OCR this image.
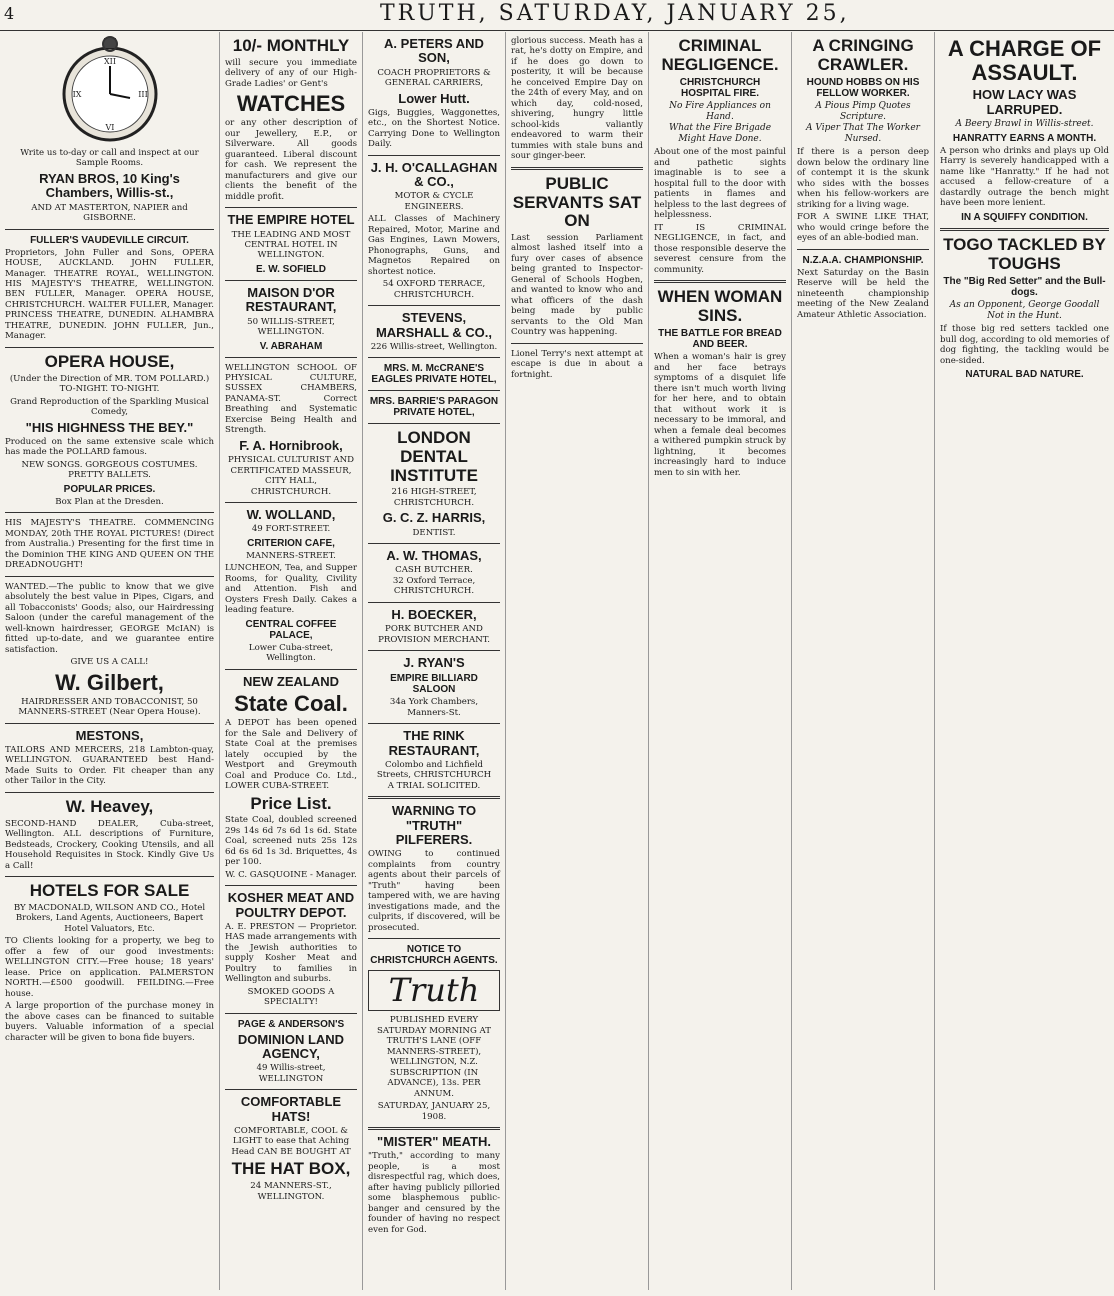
4	TRUTH, SATURDAY, JANUARY 25,
XII
III
VI
IX

Write us to-day or call and inspect at our Sample Rooms.

RYAN BROS, 10 King's Chambers, Willis-st.,
AND AT MASTERTON, NAPIER and GISBORNE.
FULLER'S VAUDEVILLE CIRCUIT.

Proprietors, John Fuller and Sons, OPERA HOUSE, AUCKLAND. JOHN FULLER, Manager. THEATRE ROYAL, WELLINGTON. HIS MAJESTY'S THEATRE, WELLINGTON. BEN FULLER, Manager. OPERA HOUSE, CHRISTCHURCH. WALTER FULLER, Manager. PRINCESS THEATRE, DUNEDIN. ALHAMBRA THEATRE, DUNEDIN. JOHN FULLER, Jun., Manager.

OPERA HOUSE,
(Under the Direction of MR. TOM POLLARD.)
TO-NIGHT. TO-NIGHT.

Grand Reproduction of the Sparkling Musical Comedy,

"HIS HIGHNESS THE BEY."

Produced on the same extensive scale which has made the POLLARD famous.

NEW SONGS. GORGEOUS COSTUMES. PRETTY BALLETS.
POPULAR PRICES.
Box Plan at the Dresden.

HIS MAJESTY'S THEATRE. COMMENCING MONDAY, 20th THE ROYAL PICTURES! (Direct from Australia.) Presenting for the first time in the Dominion THE KING AND QUEEN ON THE DREADNOUGHT!

WANTED.—The public to know that we give absolutely the best value in Pipes, Cigars, and all Tobacconists' Goods; also, our Hairdressing Saloon (under the careful management of the well-known hairdresser, GEORGE McIAN) is fitted up-to-date, and we guarantee entire satisfaction.

GIVE US A CALL!
W. Gilbert,
HAIRDRESSER AND TOBACCONIST, 50 MANNERS-STREET (Near Opera House).
MESTONS,

TAILORS AND MERCERS, 218 Lambton-quay, WELLINGTON. GUARANTEED best Hand-Made Suits to Order. Fit cheaper than any other Tailor in the City.

W. Heavey,

SECOND-HAND DEALER, Cuba-street, Wellington. ALL descriptions of Furniture, Bedsteads, Crockery, Cooking Utensils, and all Household Requisites in Stock. Kindly Give Us a Call!

HOTELS FOR SALE
BY MACDONALD, WILSON AND CO., Hotel Brokers, Land Agents, Auctioneers, Bapert Hotel Valuators, Etc.

TO Clients looking for a property, we beg to offer a few of our good investments: WELLINGTON CITY.—Free house; 18 years' lease. Price on application. PALMERSTON NORTH.—£500 goodwill. FEILDING.—Free house.

A large proportion of the purchase money in the above cases can be financed to suitable buyers. Valuable information of a special character will be given to bona fide buyers.

10/- MONTHLY

will secure you immediate delivery of any of our High-Grade Ladies' or Gent's

WATCHES

or any other description of our Jewellery, E.P., or Silverware. All goods guaranteed. Liberal discount for cash. We represent the manufacturers and give our clients the benefit of the middle profit.

THE EMPIRE HOTEL
THE LEADING AND MOST CENTRAL HOTEL IN WELLINGTON.
E. W. SOFIELD
MAISON D'OR RESTAURANT,
50 WILLIS-STREET, WELLINGTON.
V. ABRAHAM

WELLINGTON SCHOOL OF PHYSICAL CULTURE, SUSSEX CHAMBERS, PANAMA-ST. Correct Breathing and Systematic Exercise Being Health and Strength.

F. A. Hornibrook,
PHYSICAL CULTURIST AND CERTIFICATED MASSEUR, CITY HALL, CHRISTCHURCH.
W. WOLLAND,
49 FORT-STREET.
CRITERION CAFE,
MANNERS-STREET.

LUNCHEON, Tea, and Supper Rooms, for Quality, Civility and Attention. Fish and Oysters Fresh Daily. Cakes a leading feature.

CENTRAL COFFEE PALACE,
Lower Cuba-street, Wellington.
NEW ZEALAND
State Coal.

A DEPOT has been opened for the Sale and Delivery of State Coal at the premises lately occupied by the Westport and Greymouth Coal and Produce Co. Ltd., LOWER CUBA-STREET.

Price List.

State Coal, doubled screened 29s 14s 6d 7s 6d 1s 6d. State Coal, screened nuts 25s 12s 6d 6s 6d 1s 3d. Briquettes, 4s per 100.

W. C. GASQUOINE - Manager.
KOSHER MEAT AND POULTRY DEPOT.

A. E. PRESTON — Proprietor. HAS made arrangements with the Jewish authorities to supply Kosher Meat and Poultry to families in Wellington and suburbs.

SMOKED GOODS A SPECIALTY!
PAGE & ANDERSON'S
DOMINION LAND AGENCY,
49 Willis-street, WELLINGTON
COMFORTABLE HATS!

COMFORTABLE, COOL & LIGHT to ease that Aching Head CAN BE BOUGHT AT

THE HAT BOX,
24 MANNERS-ST., WELLINGTON.
A. PETERS AND SON,
COACH PROPRIETORS & GENERAL CARRIERS,
Lower Hutt.

Gigs, Buggies, Waggonettes, etc., on the Shortest Notice. Carrying Done to Wellington Daily.

J. H. O'CALLAGHAN & CO.,
MOTOR & CYCLE ENGINEERS.

ALL Classes of Machinery Repaired, Motor, Marine and Gas Engines, Lawn Mowers, Phonographs, Guns, and Magnetos Repaired on shortest notice.

54 OXFORD TERRACE, CHRISTCHURCH.
STEVENS, MARSHALL & CO.,
226 Willis-street, Wellington.
MRS. M. McCRANE'S EAGLES PRIVATE HOTEL,
MRS. BARRIE'S PARAGON PRIVATE HOTEL,
LONDON DENTAL INSTITUTE
216 HIGH-STREET, CHRISTCHURCH.
G. C. Z. HARRIS,
DENTIST.
A. W. THOMAS,
CASH BUTCHER.
32 Oxford Terrace, CHRISTCHURCH.
H. BOECKER,
PORK BUTCHER AND PROVISION MERCHANT.
J. RYAN'S
EMPIRE BILLIARD SALOON
34a York Chambers, Manners-St.
THE RINK RESTAURANT,
Colombo and Lichfield Streets, CHRISTCHURCH
A TRIAL SOLICITED.
WARNING TO "TRUTH" PILFERERS.

OWING to continued complaints from country agents about their parcels of "Truth" having been tampered with, we are having investigations made, and the culprits, if discovered, will be prosecuted.

NOTICE TO CHRISTCHURCH AGENTS.
Truth

PUBLISHED EVERY SATURDAY MORNING AT TRUTH'S LANE (OFF MANNERS-STREET), WELLINGTON, N.Z. SUBSCRIPTION (IN ADVANCE), 13s. PER ANNUM.

SATURDAY, JANUARY 25, 1908.
"MISTER" MEATH.

"Truth," according to many people, is a most disrespectful rag, which does, after having publicly pilloried some blasphemous public-banger and censured by the founder of having no respect even for God.

glorious success. Meath has a rat, he's dotty on Empire, and if he does go down to posterity, it will be because he conceived Empire Day on the 24th of every May, and on which day, cold-nosed, shivering, hungry little school-kids valiantly endeavored to warm their tummies with stale buns and sour ginger-beer.

PUBLIC SERVANTS SAT ON

Last session Parliament almost lashed itself into a fury over cases of absence being granted to Inspector-General of Schools Hogben, and wanted to know who and what officers of the dash being made by public servants to the Old Man Country was happening.

Lionel Terry's next attempt at escape is due in about a fortnight.

CRIMINAL NEGLIGENCE.
CHRISTCHURCH HOSPITAL FIRE.
No Fire Appliances on Hand.
What the Fire Brigade Might Have Done.

About one of the most painful and pathetic sights imaginable is to see a hospital full to the door with patients in flames and helpless to the last degrees of helplessness.

IT IS CRIMINAL NEGLIGENCE, in fact, and those responsible deserve the severest censure from the community.

WHEN WOMAN SINS.
THE BATTLE FOR BREAD AND BEER.

When a woman's hair is grey and her face betrays symptoms of a disquiet life there isn't much worth living for her here, and to obtain that without work it is necessary to be immoral, and when a female deal becomes a withered pumpkin struck by lightning, it becomes increasingly hard to induce men to sin with her.

A CRINGING CRAWLER.
HOUND HOBBS ON HIS FELLOW WORKER.
A Pious Pimp Quotes Scripture.
A Viper That The Worker Nursed.

If there is a person deep down below the ordinary line of contempt it is the skunk who sides with the bosses when his fellow-workers are striking for a living wage.

FOR A SWINE LIKE THAT, who would cringe before the eyes of an able-bodied man.

N.Z.A.A. CHAMPIONSHIP.

Next Saturday on the Basin Reserve will be held the nineteenth championship meeting of the New Zealand Amateur Athletic Association.

A CHARGE OF ASSAULT.
HOW LACY WAS LARRUPED.
A Beery Brawl in Willis-street.
HANRATTY EARNS A MONTH.

A person who drinks and plays up Old Harry is severely handicapped with a name like "Hanratty." If he had not accused a fellow-creature of a dastardly outrage the bench might have been more lenient.

IN A SQUIFFY CONDITION.
TOGO TACKLED BY TOUGHS
The "Big Red Setter" and the Bull-dogs.
As an Opponent, George Goodall Not in the Hunt.

If those big red setters tackled one bull dog, according to old memories of dog fighting, the tackling would be one-sided.

NATURAL BAD NATURE.
